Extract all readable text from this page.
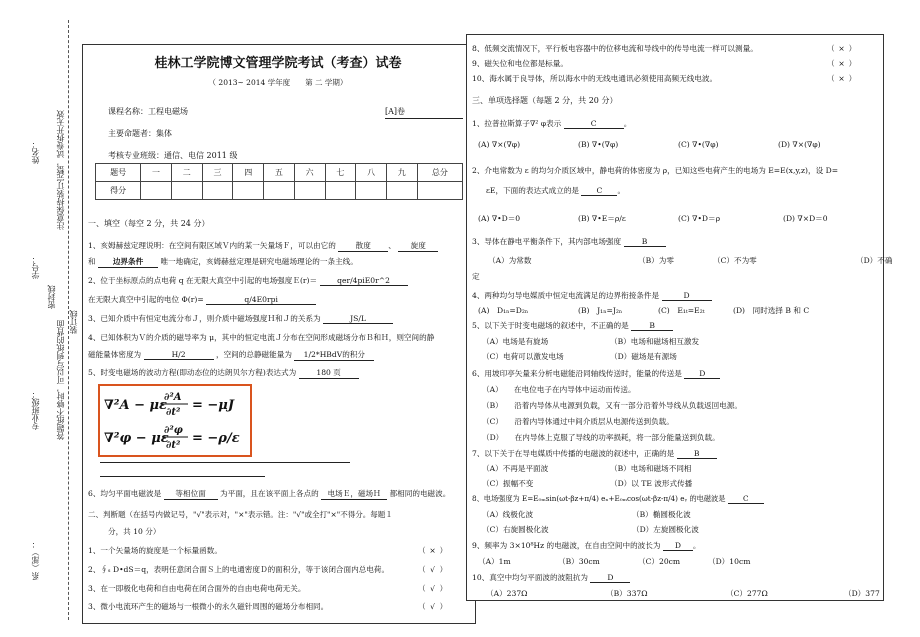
姓名：
学号：
专业班级：
系（部）：
注意保持装订完整，试卷拆开无效
答题纸不够时，可以写到纸的背面
密封线
装订线
桂林工学院博文管理学院考试（考查）试卷
（ 2013~ 2014 学年度　　第 二 学期）
课程名称：工程电磁场	[A]卷
主要命题者：集体
考核专业班级：通信、电信 2011 级
题号	一	二	三	四	五	六	七	八	九	总分
得分										
一、填空（每空 2 分，共 24 分）
1、亥姆赫兹定理说明：在空间有限区域Ｖ内的某一矢量场Ｆ，可以由它的	散度 、 旋度
和 边界条件 唯一地确定，亥姆赫兹定理是研究电磁场理论的一条主线。
2、位于坐标原点的点电荷 q 在无限大真空中引起的电场强度Ｅ(r)＝	qer/4piE0r^2
在无限大真空中引起的电位 Φ(r)=	q/4E0rpi
3、已知介质中有恒定电流分布Ｊ，则介质中磁场强度Ｈ和Ｊ的关系为	JS/L
4、已知体积为Ｖ的介质的磁导率为 μ，其中的恒定电流Ｊ分布在空间形成磁场分布Ｂ和Ｈ，则空间的静
磁能量体密度为	H/2	，空间的总静磁能量为 1/2*HBdV的积分
5、时变电磁场的波动方程(即动态位的达朗贝尔方程)表达式为	180 页
∇²A − με
∂²A
∂t² = −μJ
∇²φ − με
∂²φ
∂t² = −ρ/ε
6、均匀平面电磁波是 等相位面 为平面，且在该平面上各点的 电场Ｅ，磁场Ｈ 都相同的电磁波。
二、判断题（在括号内做记号，"√"表示对，"×"表示错。注："√"或全打"×"不得分。每题１
分，共 10 分）
1、一个矢量场的旋度是一个标量函数。	（ × ）
2、∮ₛ D•dS＝q，表明任意闭合面Ｓ上的电通密度Ｄ的面积分，等于该闭合面内总电荷。	（ √ ）
3、在一即极化电荷和自由电荷在闭合面外的自由电荷电荷无关。	（ √ ）
3、微小电流环产生的磁场与一根微小的永久磁针周围的磁场分布相同。	（ √ ）
8、低频交流情况下，平行板电容器中的位移电流和导线中的传导电流一样可以测量。	（ × ）
9、磁矢位和电位都是标量。	（ × ）
10、海水属于良导体，所以海水中的无线电通讯必须使用高频无线电波。	（ × ）
三、单项选择题（每题 2 分，共 20 分）
1、拉普拉斯算子∇² φ表示	C	。
(A) ∇×(∇φ)	(B) ∇•(∇φ)	(C) ∇•(∇φ)	(D) ∇×(∇φ)
2、介电常数为 ε 的均匀介质区域中，静电荷的体密度为 ρ，已知这些电荷产生的电场为 E=E(x,y,z)，设 D=
εE，下面的表达式成立的是 C 。
(A) ∇•D＝0	(B) ∇•E＝ρ/ε	(C) ∇•D＝ρ	(D) ∇×D＝0
3、导体在静电平衡条件下，其内部电场强度	B
（A）为常数	（B）为零	（C）不为零	（D）不确
定
4、两种均匀导电媒质中恒定电流满足的边界衔接条件是	D
(A)　D₁ₙ=D₂ₙ	(B)　J₁ₙ=J₂ₙ	(C)　E₁ₜ=E₂ₜ	(D)　同时选择 B 和 C
5、以下关于时变电磁场的叙述中，不正确的是	B
（A）电场是有旋场	（B）电场和磁场相互激发
（C）电荷可以激发电场	（D）磁场是有源场
6、用坡印亭矢量来分析电磁能沿同轴线传送时，能量的传送是 D
（A）　　在电位电子在内导体中运动而传送。
（B）　　沿着内导体从电源到负载，又有一部分沿着外导线从负载返回电源。
（C）　　沿着内导体通过中间介质层从电源传送到负载。
（D）　　在内导体上克服了导线的功率损耗，将一部分能量送到负载。
7、以下关于在导电媒质中传播的电磁波的叙述中，正确的是	B
（A）不再是平面波	（B）电场和磁场不同相
（C）振幅不变	（D）以 TE 波形式传播
8、电场强度为 E=E₀ₘsin(ωt-βz+π/4) eₓ+E₀ₘcos(ωt-βz-π/4) eᵧ 的电磁波是 C
（A）线极化波	（B）椭圆极化波
（C）右旋圆极化波	（D）左旋圆极化波
9、频率为 3×10⁸Hz 的电磁波，在自由空间中的波长为 D 。
（A）1m	（B）30cm	（C）20cm	（D）10cm
10、真空中均匀平面波的波阻抗为	D
（A）237Ω	（B）337Ω	（C）277Ω	（D）377
